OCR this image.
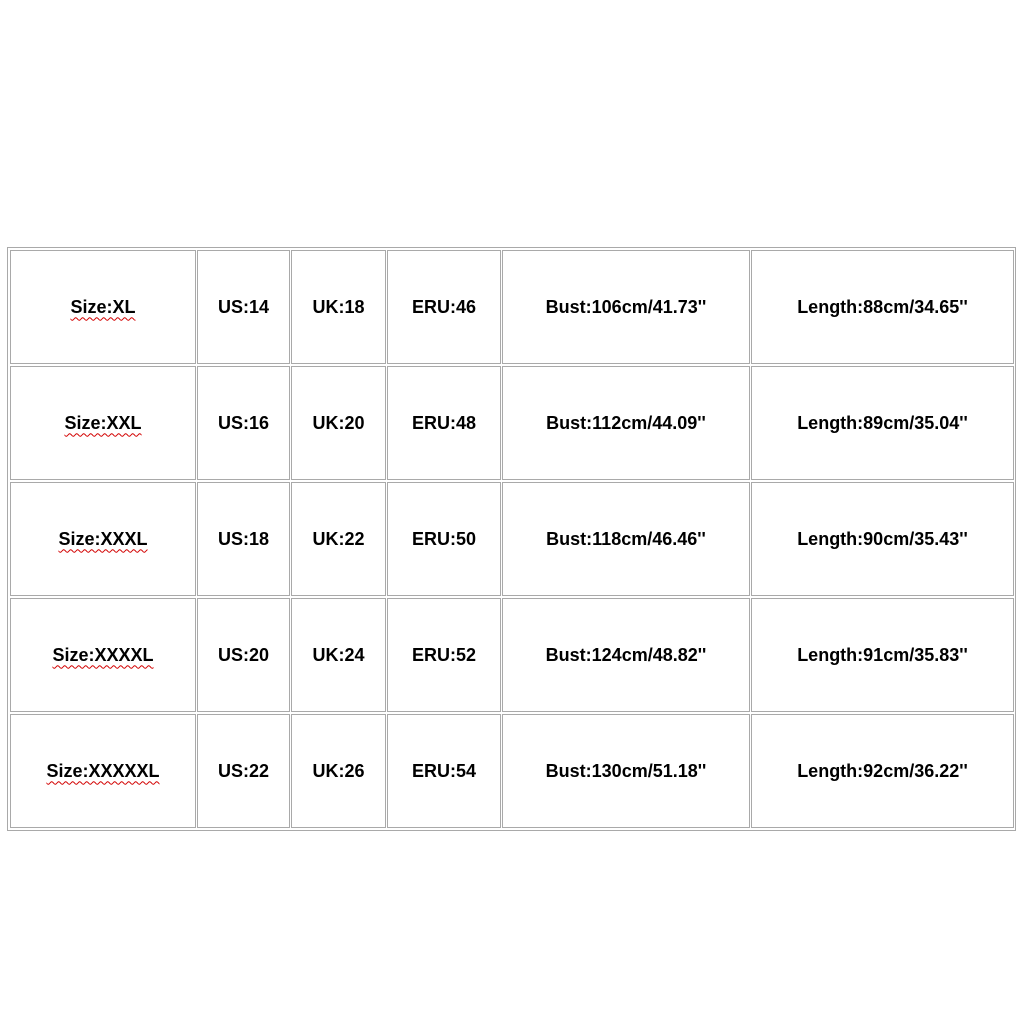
Size:XL	US:14	UK:18	ERU:46	Bust:106cm/41.73''	Length:88cm/34.65''
Size:XXL	US:16	UK:20	ERU:48	Bust:112cm/44.09''	Length:89cm/35.04''
Size:XXXL	US:18	UK:22	ERU:50	Bust:118cm/46.46''	Length:90cm/35.43''
Size:XXXXL	US:20	UK:24	ERU:52	Bust:124cm/48.82''	Length:91cm/35.83''
Size:XXXXXL	US:22	UK:26	ERU:54	Bust:130cm/51.18''	Length:92cm/36.22''
